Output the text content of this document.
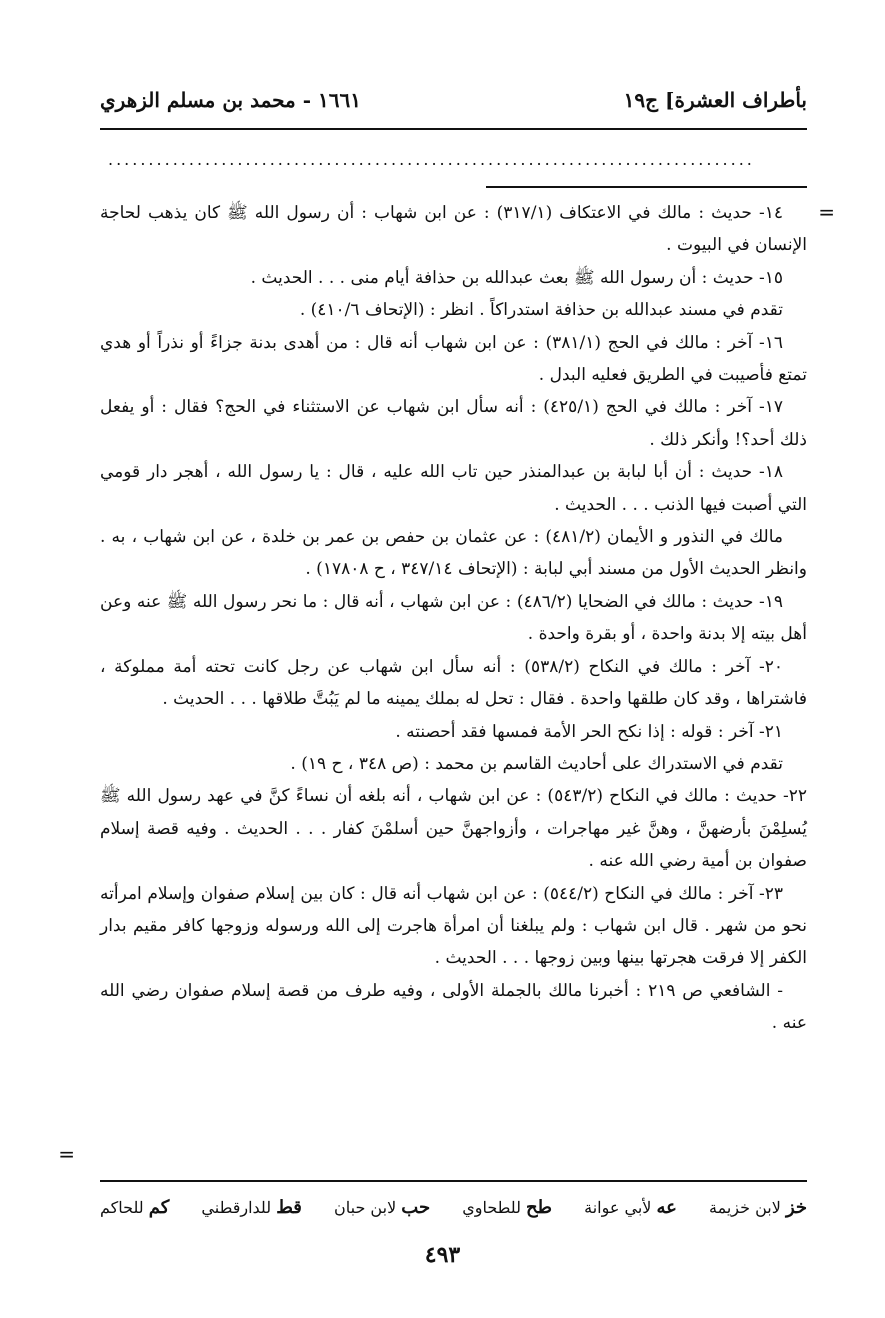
بأطراف العشرة] ج١٩
١٦٦١ - محمد بن مسلم الزهري
................................................................................
=
=

١٤- حديث : مالك في الاعتكاف (٣١٧/١) : عن ابن شهاب : أن رسول الله ﷺ كان يذهب لحاجة الإنسان في البيوت .

١٥- حديث : أن رسول الله ﷺ بعث عبدالله بن حذافة أيام منى . . . الحديث .

تقدم في مسند عبدالله بن حذافة استدراكاً . انظر : (الإتحاف ٤١٠/٦) .

١٦- آخر : مالك في الحج (٣٨١/١) : عن ابن شهاب أنه قال : من أهدى بدنة جزاءً أو نذراً أو هدي تمتع فأصيبت في الطريق فعليه البدل .

١٧- آخر : مالك في الحج (٤٢٥/١) : أنه سأل ابن شهاب عن الاستثناء في الحج؟ فقال : أو يفعل ذلك أحد؟! وأنكر ذلك .

١٨- حديث : أن أبا لبابة بن عبدالمنذر حين تاب الله عليه ، قال : يا رسول الله ، أهجر دار قومي التي أصبت فيها الذنب . . . الحديث .

مالك في النذور و الأيمان (٤٨١/٢) : عن عثمان بن حفص بن عمر بن خلدة ، عن ابن شهاب ، به . وانظر الحديث الأول من مسند أبي لبابة : (الإتحاف ٣٤٧/١٤ ، ح ١٧٨٠٨) .

١٩- حديث : مالك في الضحايا (٤٨٦/٢) : عن ابن شهاب ، أنه قال : ما نحر رسول الله ﷺ عنه وعن أهل بيته إلا بدنة واحدة ، أو بقرة واحدة .

٢٠- آخر : مالك في النكاح (٥٣٨/٢) : أنه سأل ابن شهاب عن رجل كانت تحته أمة مملوكة ، فاشتراها ، وقد كان طلقها واحدة . فقال : تحل له بملك يمينه ما لم يَبُتَّ طلاقها . . . الحديث .

٢١- آخر : قوله : إذا نكح الحر الأمة فمسها فقد أحصنته .

تقدم في الاستدراك على أحاديث القاسم بن محمد : (ص ٣٤٨ ، ح ١٩) .

٢٢- حديث : مالك في النكاح (٥٤٣/٢) : عن ابن شهاب ، أنه بلغه أن نساءً كنَّ في عهد رسول الله ﷺ يُسلِمْنَ بأرضهنَّ ، وهنَّ غير مهاجرات ، وأزواجهنَّ حين أسلمْنَ كفار . . . الحديث . وفيه قصة إسلام صفوان بن أمية رضي الله عنه .

٢٣- آخر : مالك في النكاح (٥٤٤/٢) : عن ابن شهاب أنه قال : كان بين إسلام صفوان وإسلام امرأته نحو من شهر . قال ابن شهاب : ولم يبلغنا أن امرأة هاجرت إلى الله ورسوله وزوجها كافر مقيم بدار الكفر إلا فرقت هجرتها بينها وبين زوجها . . . الحديث .

- الشافعي ص ٢١٩ : أخبرنا مالك بالجملة الأولى ، وفيه طرف من قصة إسلام صفوان رضي الله عنه .

خز لابن خزيمة
عه لأبي عوانة
طح للطحاوي
حب لابن حبان
قط للدارقطني
كم للحاكم
٤٩٣
